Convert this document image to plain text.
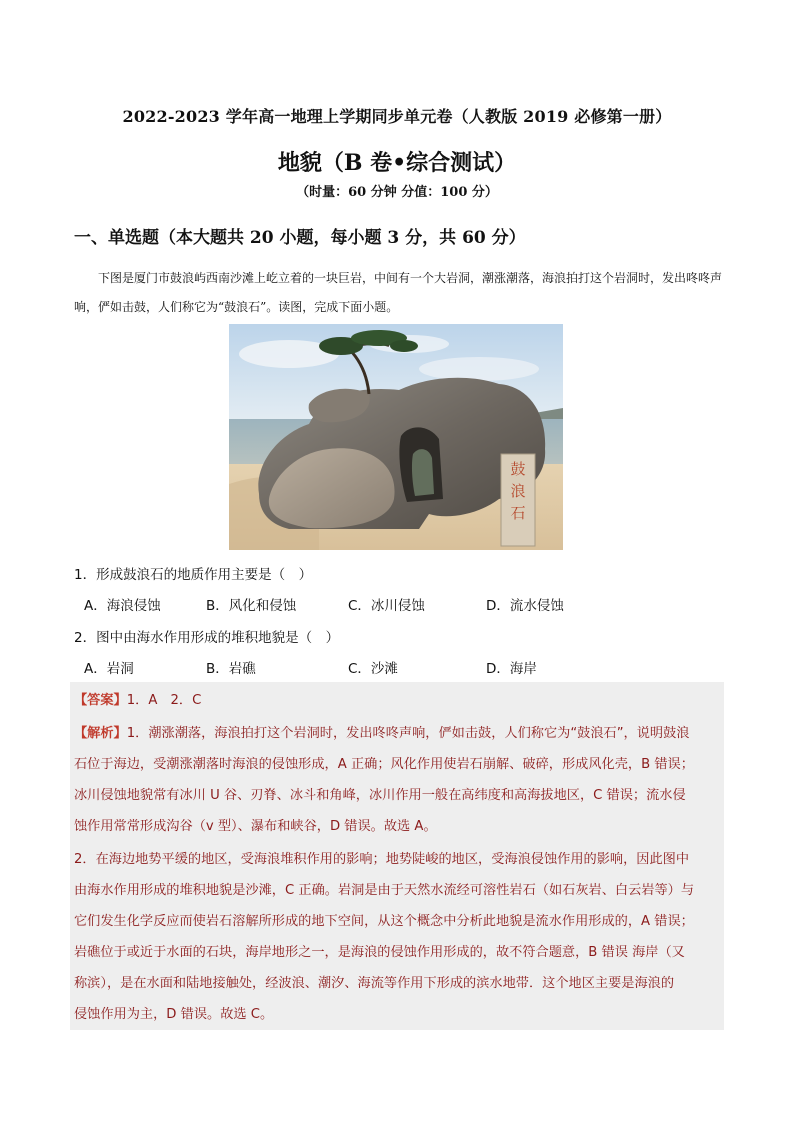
2022-2023 学年高一地理上学期同步单元卷（人教版 2019 必修第一册）
地貌（B 卷•综合测试）
（时量：60 分钟 分值：100 分）
一、单选题（本大题共 20 小题，每小题 3 分，共 60 分）
下图是厦门市鼓浪屿西南沙滩上屹立着的一块巨岩，中间有一个大岩洞，潮涨潮落，海浪拍打这个岩洞时，发出咚咚声响，俨如击鼓，人们称它为“鼓浪石”。读图，完成下面小题。
鼓
浪
石
1．形成鼓浪石的地质作用主要是（　）
A．海浪侵蚀	B．风化和侵蚀	C．冰川侵蚀	D．流水侵蚀
2．图中由海水作用形成的堆积地貌是（　）
A．岩洞	B．岩礁	C．沙滩	D．海岸
【答案】1．A　2．C
【解析】1．潮涨潮落，海浪拍打这个岩洞时，发出咚咚声响，俨如击鼓，人们称它为“鼓浪石”，说明鼓浪
石位于海边，受潮涨潮落时海浪的侵蚀形成，A 正确；风化作用使岩石崩解、破碎，形成风化壳，B 错误；
冰川侵蚀地貌常有冰川 U 谷、刃脊、冰斗和角峰，冰川作用一般在高纬度和高海拔地区，C 错误；流水侵
蚀作用常常形成沟谷（v 型）、瀑布和峡谷，D 错误。故选 A。
2．在海边地势平缓的地区，受海浪堆积作用的影响；地势陡峻的地区，受海浪侵蚀作用的影响，因此图中
由海水作用形成的堆积地貌是沙滩，C 正确。岩洞是由于天然水流经可溶性岩石（如石灰岩、白云岩等）与
它们发生化学反应而使岩石溶解所形成的地下空间，从这个概念中分析此地貌是流水作用形成的，A 错误；
岩礁位于或近于水面的石块，海岸地形之一，是海浪的侵蚀作用形成的，故不符合题意，B 错误 海岸（又
称滨），是在水面和陆地接触处，经波浪、潮汐、海流等作用下形成的滨水地带．这个地区主要是海浪的
侵蚀作用为主，D 错误。故选 C。
